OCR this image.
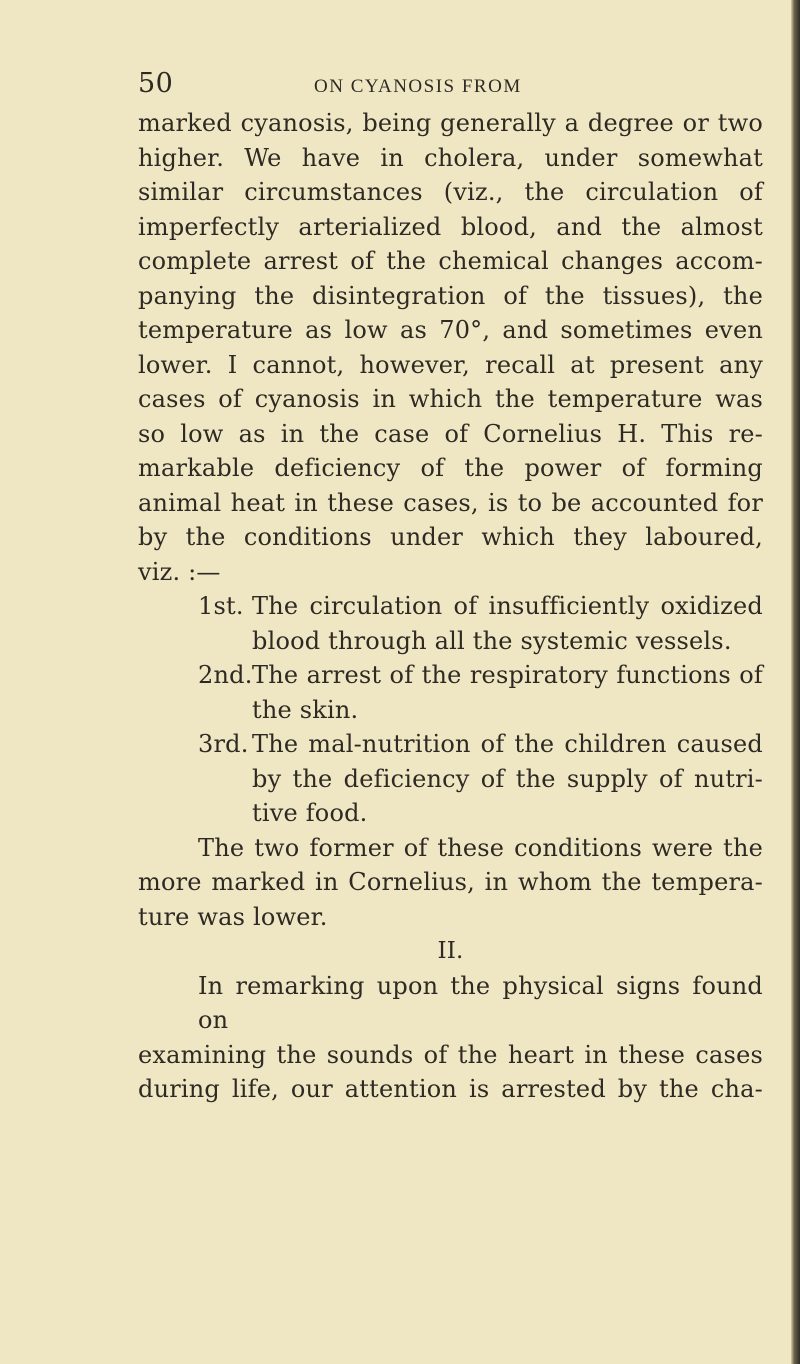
50	ON CYANOSIS FROM

marked cyanosis, being generally a degree or two

higher. We have in cholera, under somewhat

similar circumstances (viz., the circulation of

imperfectly arterialized blood, and the almost

complete arrest of the chemical changes accom-

panying the disintegration of the tissues), the

temperature as low as 70°, and sometimes even

lower. I cannot, however, recall at present any

cases of cyanosis in which the temperature was

so low as in the case of Cornelius H. This re-

markable deficiency of the power of forming

animal heat in these cases, is to be accounted for

by the conditions under which they laboured,

viz. :—

1st. The circulation of insufficiently oxidized

blood through all the systemic vessels.

2nd. The arrest of the respiratory functions of

the skin.

3rd. The mal-nutrition of the children caused

by the deficiency of the supply of nutri-

tive food.

The two former of these conditions were the

more marked in Cornelius, in whom the tempera-

ture was lower.

II.

In remarking upon the physical signs found on

examining the sounds of the heart in these cases

during life, our attention is arrested by the cha-
